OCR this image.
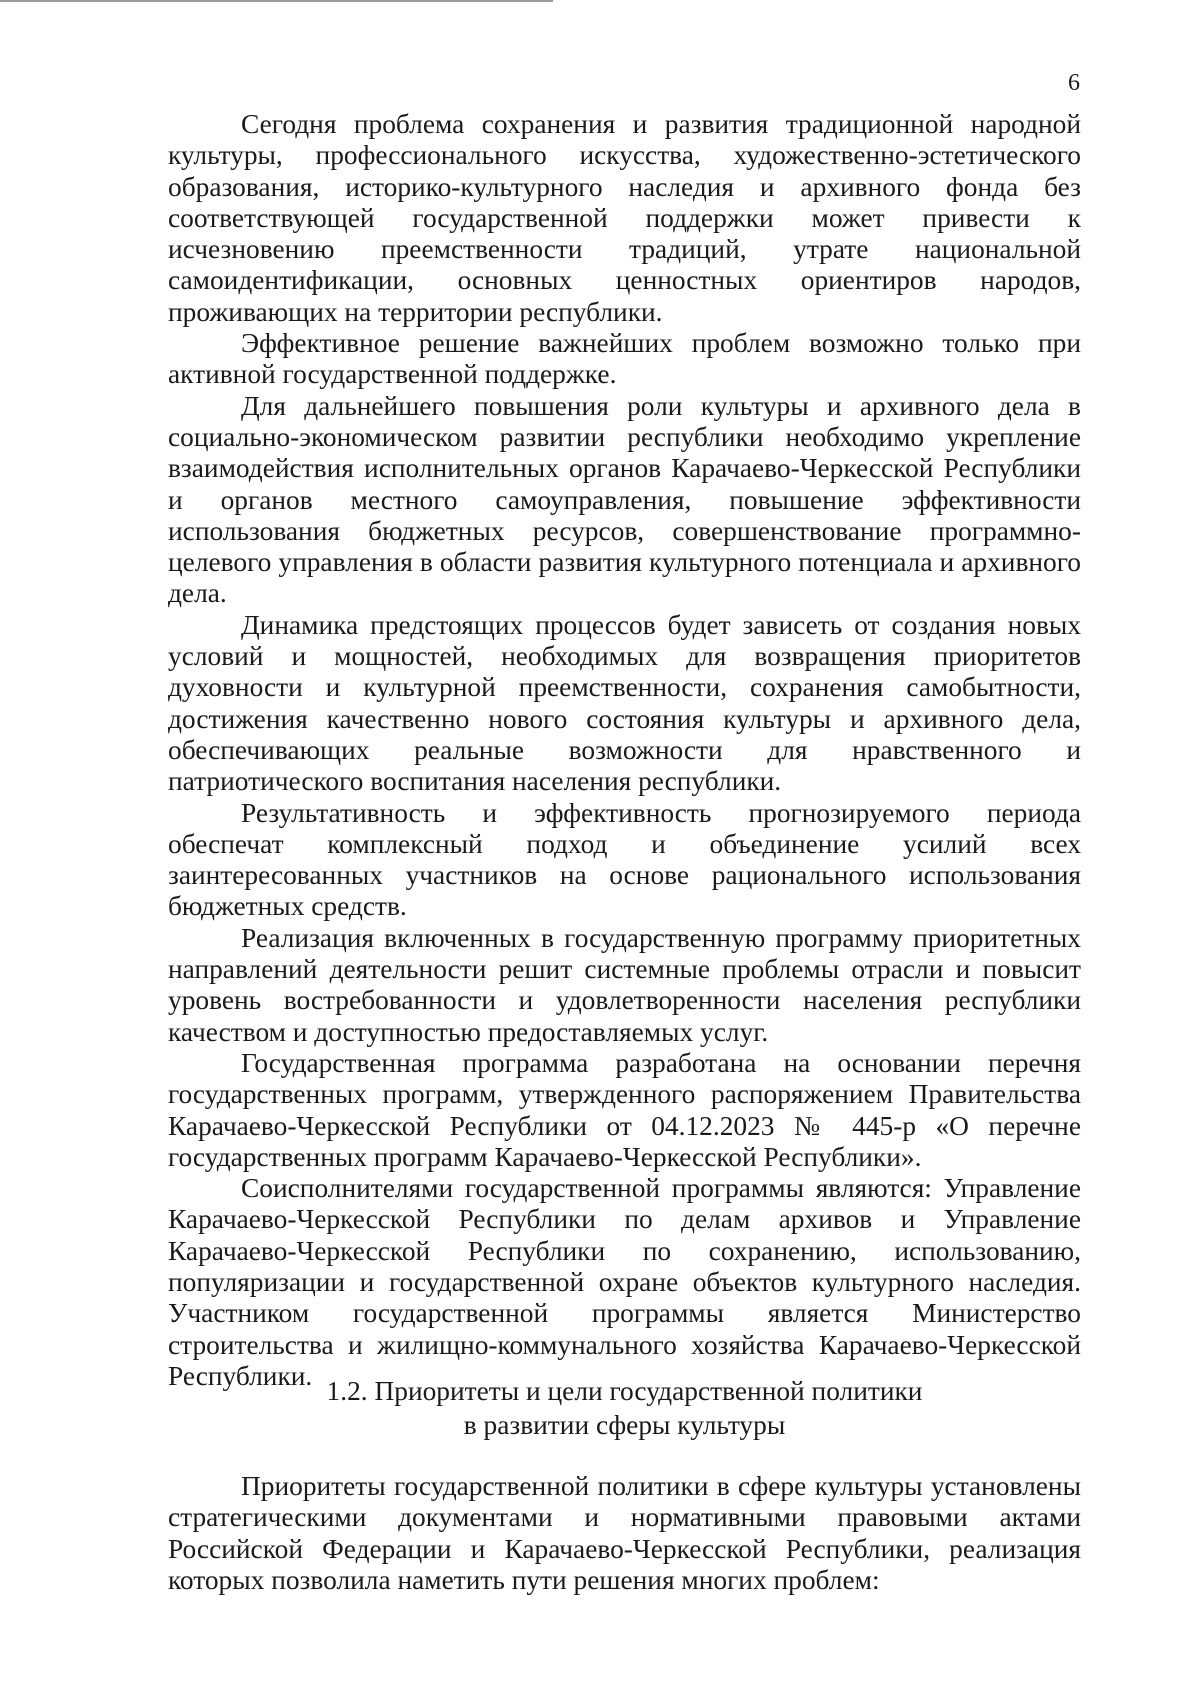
6

Сегодня проблема сохранения и развития традиционной народной культуры, профессионального искусства, художественно-эстетического образования, историко-культурного наследия и архивного фонда без соответствующей государственной поддержки может привести к исчезновению преемственности традиций, утрате национальной самоидентификации, основных ценностных ориентиров народов, проживающих на территории республики.

Эффективное решение важнейших проблем возможно только при активной государственной поддержке.

Для дальнейшего повышения роли культуры и архивного дела в социально-экономическом развитии республики необходимо укрепление взаимодействия исполнительных органов Карачаево-Черкесской Республики и органов местного самоуправления, повышение эффективности использования бюджетных ресурсов, совершенствование программно-целевого управления в области развития культурного потенциала и архивного дела.

Динамика предстоящих процессов будет зависеть от создания новых условий и мощностей, необходимых для возвращения приоритетов духовности и культурной преемственности, сохранения самобытности, достижения качественно нового состояния культуры и архивного дела, обеспечивающих реальные возможности для нравственного и патриотического воспитания населения республики.

Результативность и эффективность прогнозируемого периода обеспечат комплексный подход и объединение усилий всех заинтересованных участников на основе рационального использования бюджетных средств.

Реализация включенных в государственную программу приоритетных направлений деятельности решит системные проблемы отрасли и повысит уровень востребованности и удовлетворенности населения республики качеством и доступностью предоставляемых услуг.

Государственная программа разработана на основании перечня государственных программ, утвержденного распоряжением Правительства Карачаево-Черкесской Республики от 04.12.2023 № 445-р «О перечне государственных программ Карачаево-Черкесской Республики».

Соисполнителями государственной программы являются: Управление Карачаево-Черкесской Республики по делам архивов и Управление Карачаево-Черкесской Республики по сохранению, использованию, популяризации и государственной охране объектов культурного наследия. Участником государственной программы является Министерство строительства и жилищно-коммунального хозяйства Карачаево-Черкесской Республики.

1.2. Приоритеты и цели государственной политики
в развитии сферы культуры

Приоритеты государственной политики в сфере культуры установлены стратегическими документами и нормативными правовыми актами Российской Федерации и Карачаево-Черкесской Республики, реализация которых позволила наметить пути решения многих проблем:
